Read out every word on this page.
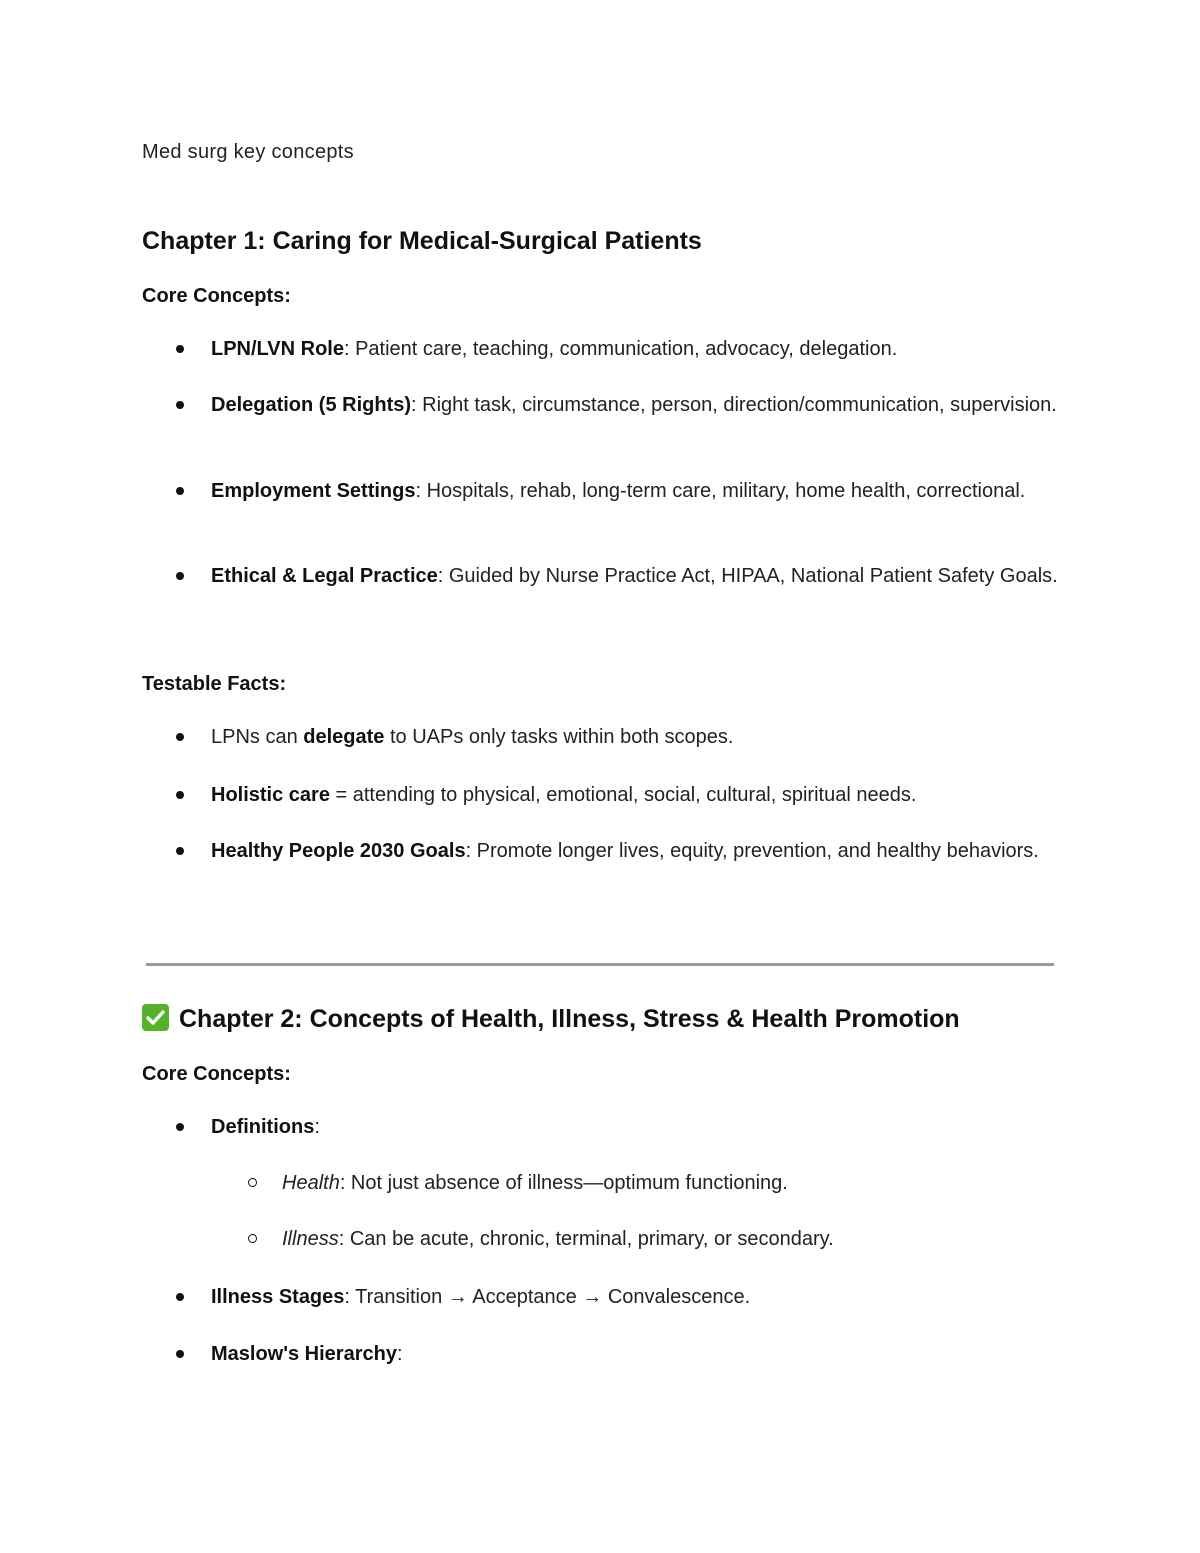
Med surg key concepts
Chapter 1: Caring for Medical-Surgical Patients
Core Concepts:
LPN/LVN Role: Patient care, teaching, communication, advocacy, delegation.
Delegation (5 Rights): Right task, circumstance, person, direction/communication, supervision.
Employment Settings: Hospitals, rehab, long-term care, military, home health, correctional.
Ethical & Legal Practice: Guided by Nurse Practice Act, HIPAA, National Patient Safety Goals.
Testable Facts:
LPNs can delegate to UAPs only tasks within both scopes.
Holistic care = attending to physical, emotional, social, cultural, spiritual needs.
Healthy People 2030 Goals: Promote longer lives, equity, prevention, and healthy behaviors.
Chapter 2: Concepts of Health, Illness, Stress & Health Promotion
Core Concepts:
Definitions:
Health: Not just absence of illness—optimum functioning.
Illness: Can be acute, chronic, terminal, primary, or secondary.
Illness Stages: Transition → Acceptance → Convalescence.
Maslow's Hierarchy:
